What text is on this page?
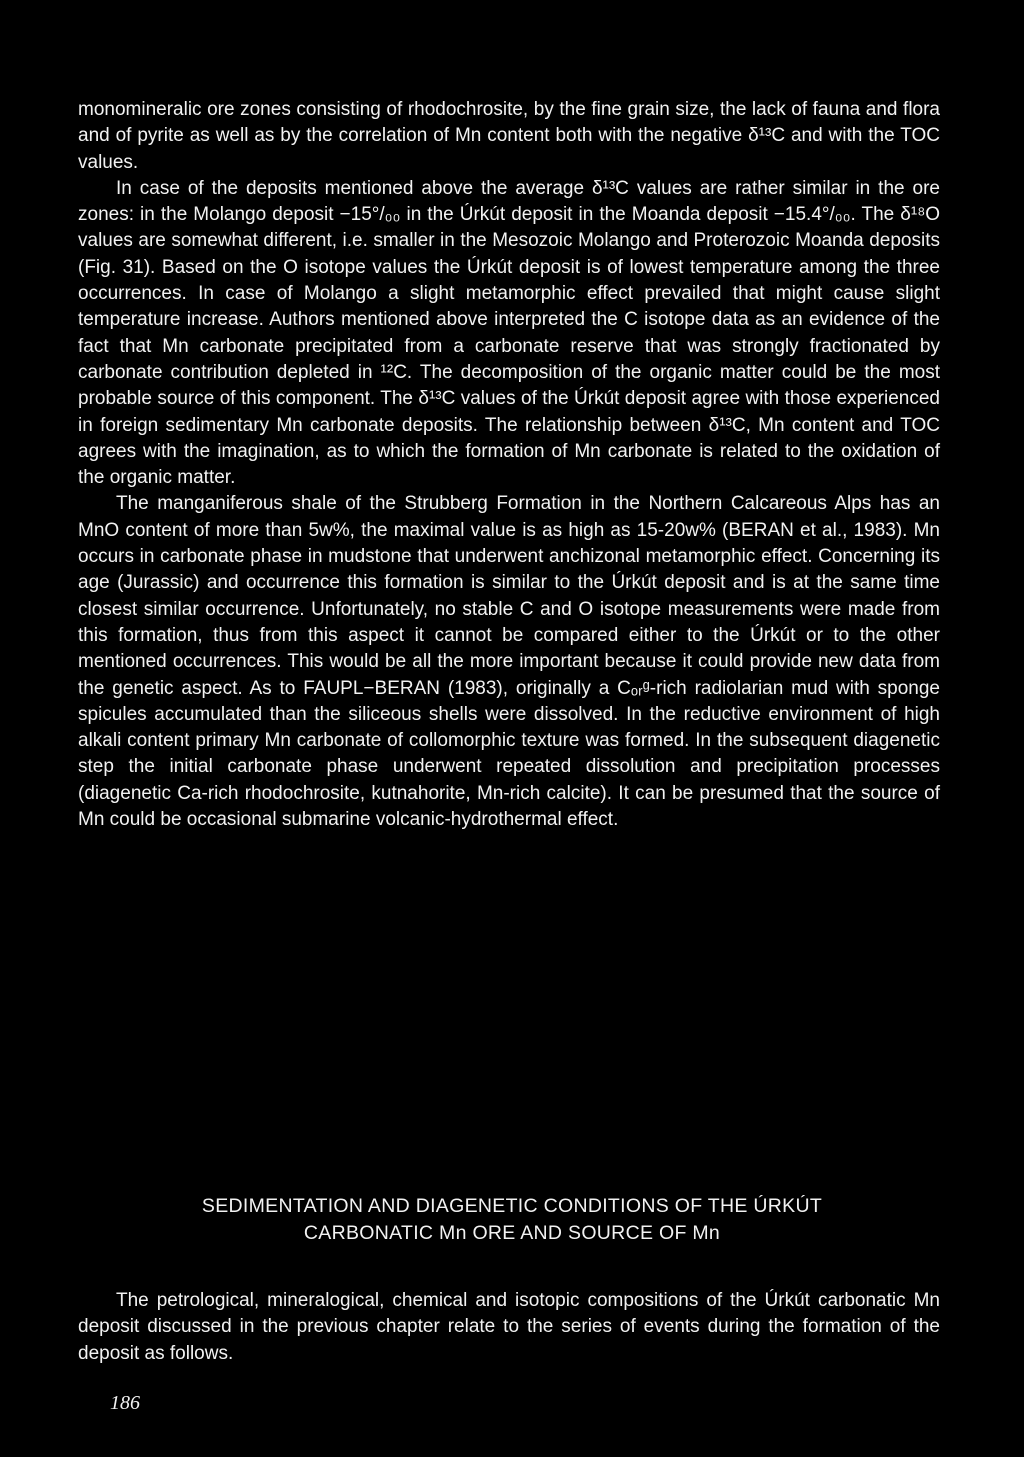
monomineralic ore zones consisting of rhodochrosite, by the fine grain size, the lack of fauna and flora and of pyrite as well as by the correlation of Mn content both with the negative δ¹³C and with the TOC values.

In case of the deposits mentioned above the average δ¹³C values are rather similar in the ore zones: in the Molango deposit −15°/₀₀ in the Úrkút deposit in the Moanda deposit −15.4°/₀₀. The δ¹⁸O values are somewhat different, i.e. smaller in the Mesozoic Molango and Proterozoic Moanda deposits (Fig. 31). Based on the O isotope values the Úrkút deposit is of lowest temperature among the three occurrences. In case of Molango a slight metamorphic effect prevailed that might cause slight temperature increase. Authors mentioned above interpreted the C isotope data as an evidence of the fact that Mn carbonate precipitated from a carbonate reserve that was strongly fractionated by carbonate contribution depleted in ¹²C. The decomposition of the organic matter could be the most probable source of this component. The δ¹³C values of the Úrkút deposit agree with those experienced in foreign sedimentary Mn carbonate deposits. The relationship between δ¹³C, Mn content and TOC agrees with the imagination, as to which the formation of Mn carbonate is related to the oxidation of the organic matter.

The manganiferous shale of the Strubberg Formation in the Northern Calcareous Alps has an MnO content of more than 5w%, the maximal value is as high as 15-20w% (BERAN et al., 1983). Mn occurs in carbonate phase in mudstone that underwent anchizonal metamorphic effect. Concerning its age (Jurassic) and occurrence this formation is similar to the Úrkút deposit and is at the same time closest similar occurrence. Unfortunately, no stable C and O isotope measurements were made from this formation, thus from this aspect it cannot be compared either to the Úrkút or to the other mentioned occurrences. This would be all the more important because it could provide new data from the genetic aspect. As to FAUPL−BERAN (1983), originally a Cₒᵣᵍ-rich radiolarian mud with sponge spicules accumulated than the siliceous shells were dissolved. In the reductive environment of high alkali content primary Mn carbonate of collomorphic texture was formed. In the subsequent diagenetic step the initial carbonate phase underwent repeated dissolution and precipitation processes (diagenetic Ca-rich rhodochrosite, kutnahorite, Mn-rich calcite). It can be presumed that the source of Mn could be occasional submarine volcanic-hydrothermal effect.

SEDIMENTATION AND DIAGENETIC CONDITIONS OF THE ÚRKÚT
CARBONATIC Mn ORE AND SOURCE OF Mn

The petrological, mineralogical, chemical and isotopic compositions of the Úrkút carbonatic Mn deposit discussed in the previous chapter relate to the series of events during the formation of the deposit as follows.

186
